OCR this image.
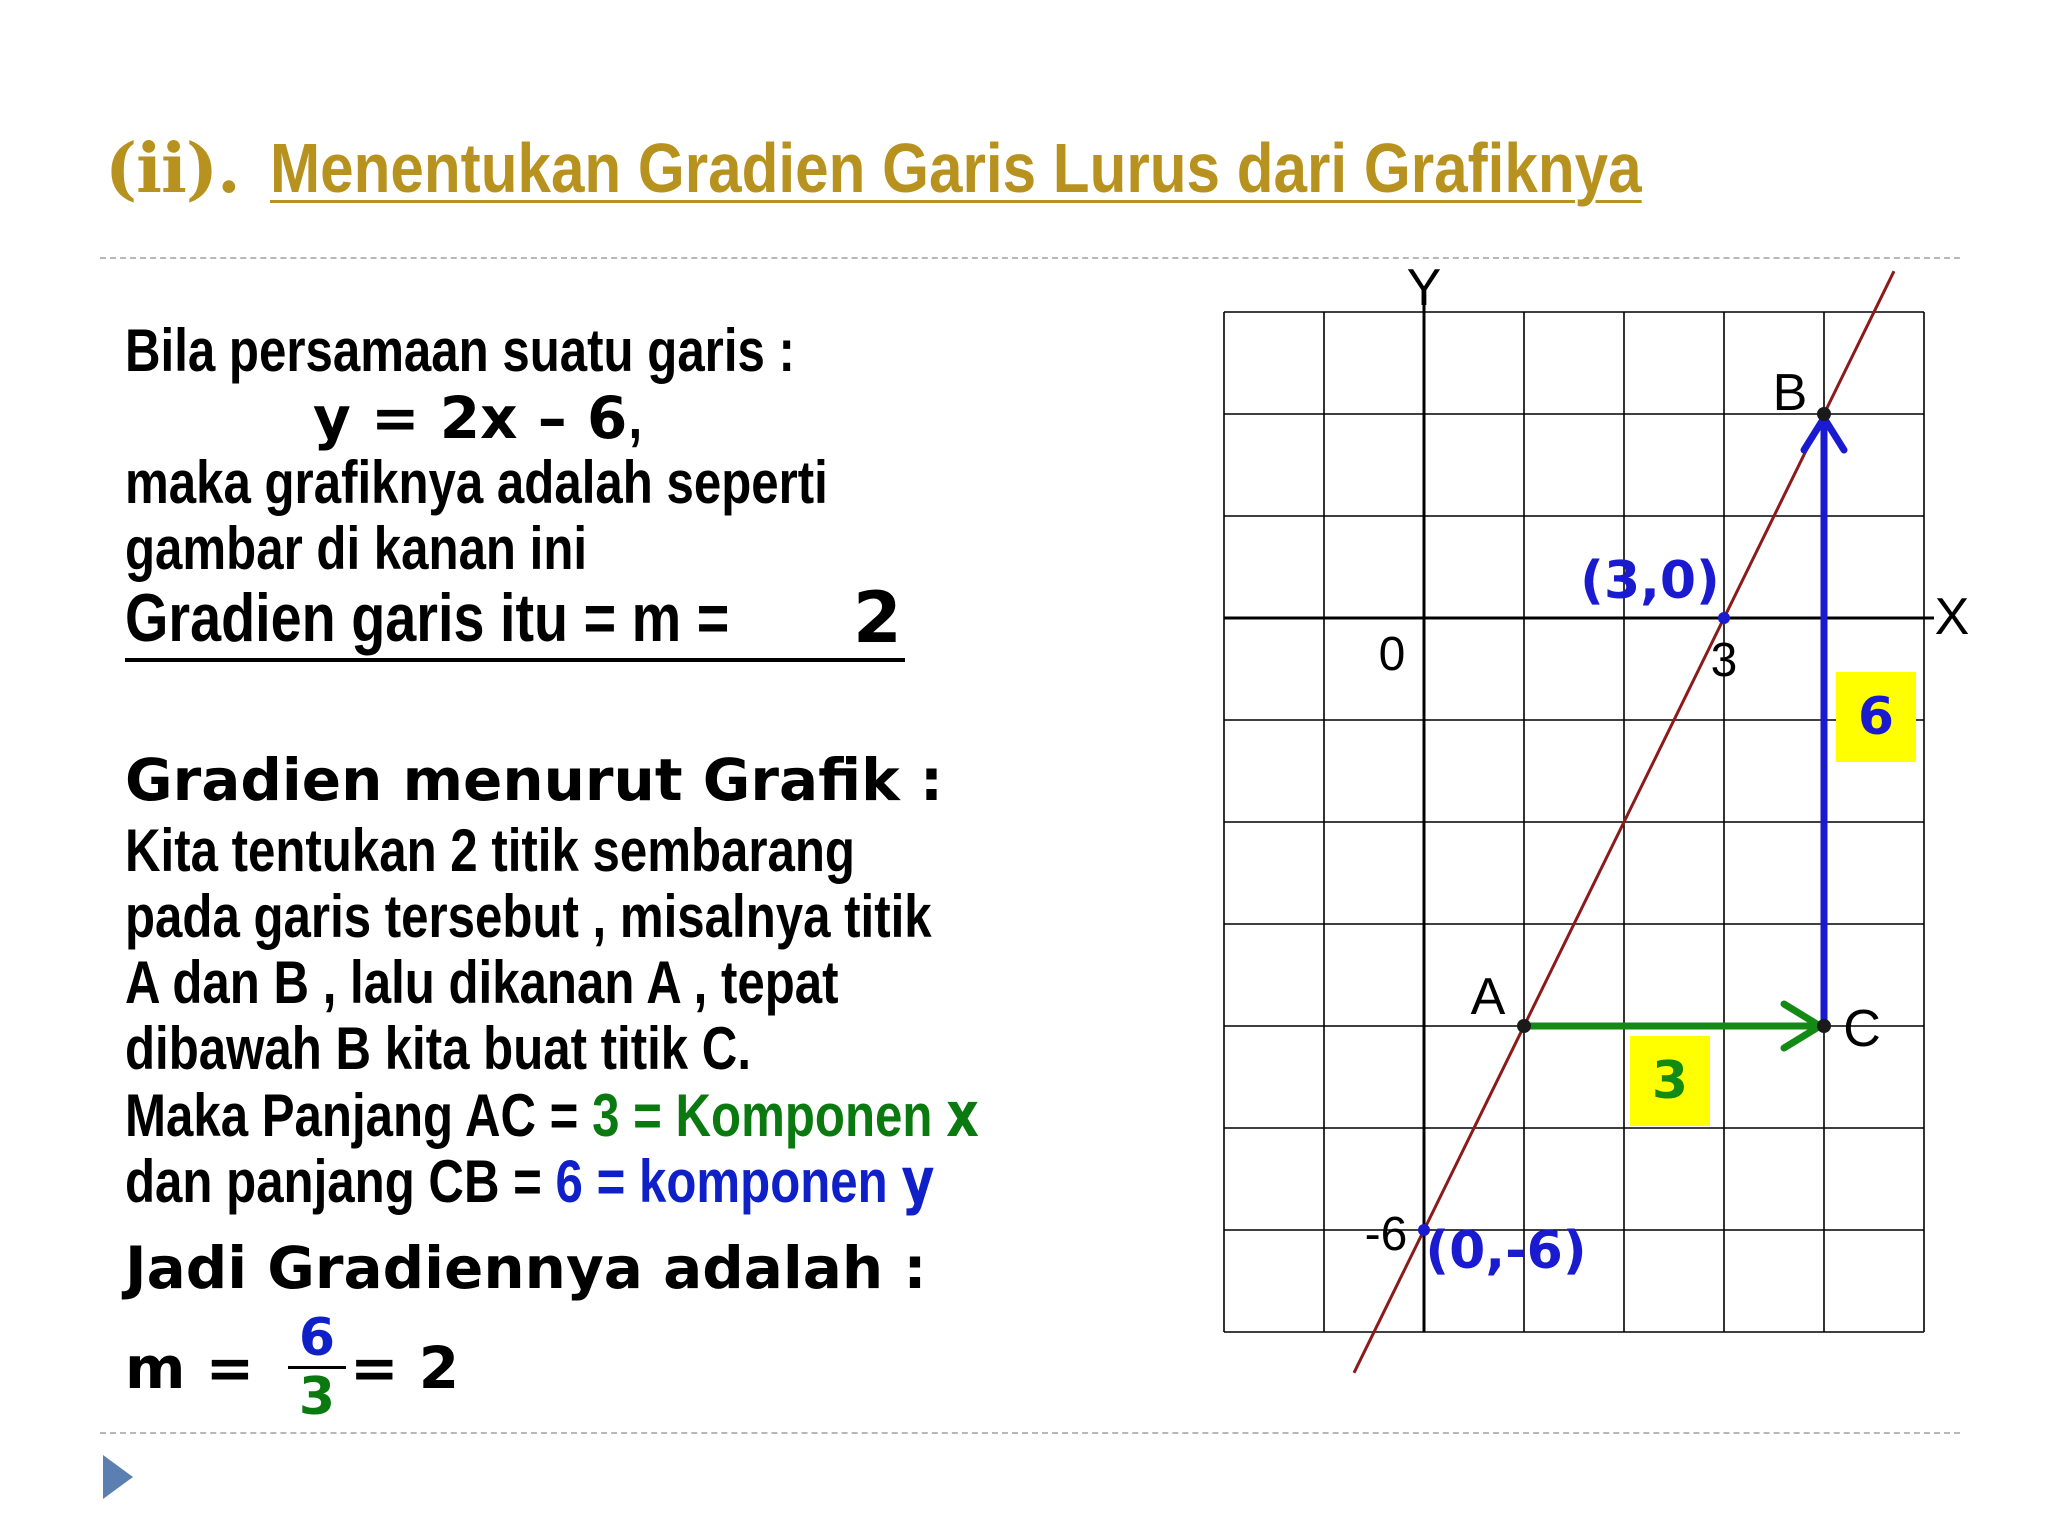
(ii). Menentukan Gradien Garis Lurus dari Grafiknya

Bila persamaan suatu garis :

y = 2x – 6,

maka grafiknya adalah seperti

gambar di kanan ini

Gradien garis itu = m = 2

Gradien menurut Grafik :

Kita tentukan 2 titik sembarang

pada garis tersebut , misalnya titik

A dan B , lalu dikanan A , tepat

dibawah B kita buat titik C.

Maka Panjang AC = 3 = Komponen x

dan panjang CB = 6 = komponen y

Jadi Gradiennya adalah :

$m = \frac{6}{3} = 2$

Y
X
0	3
-6
A
B
C
(3,0)
(0,-6)
3
6
